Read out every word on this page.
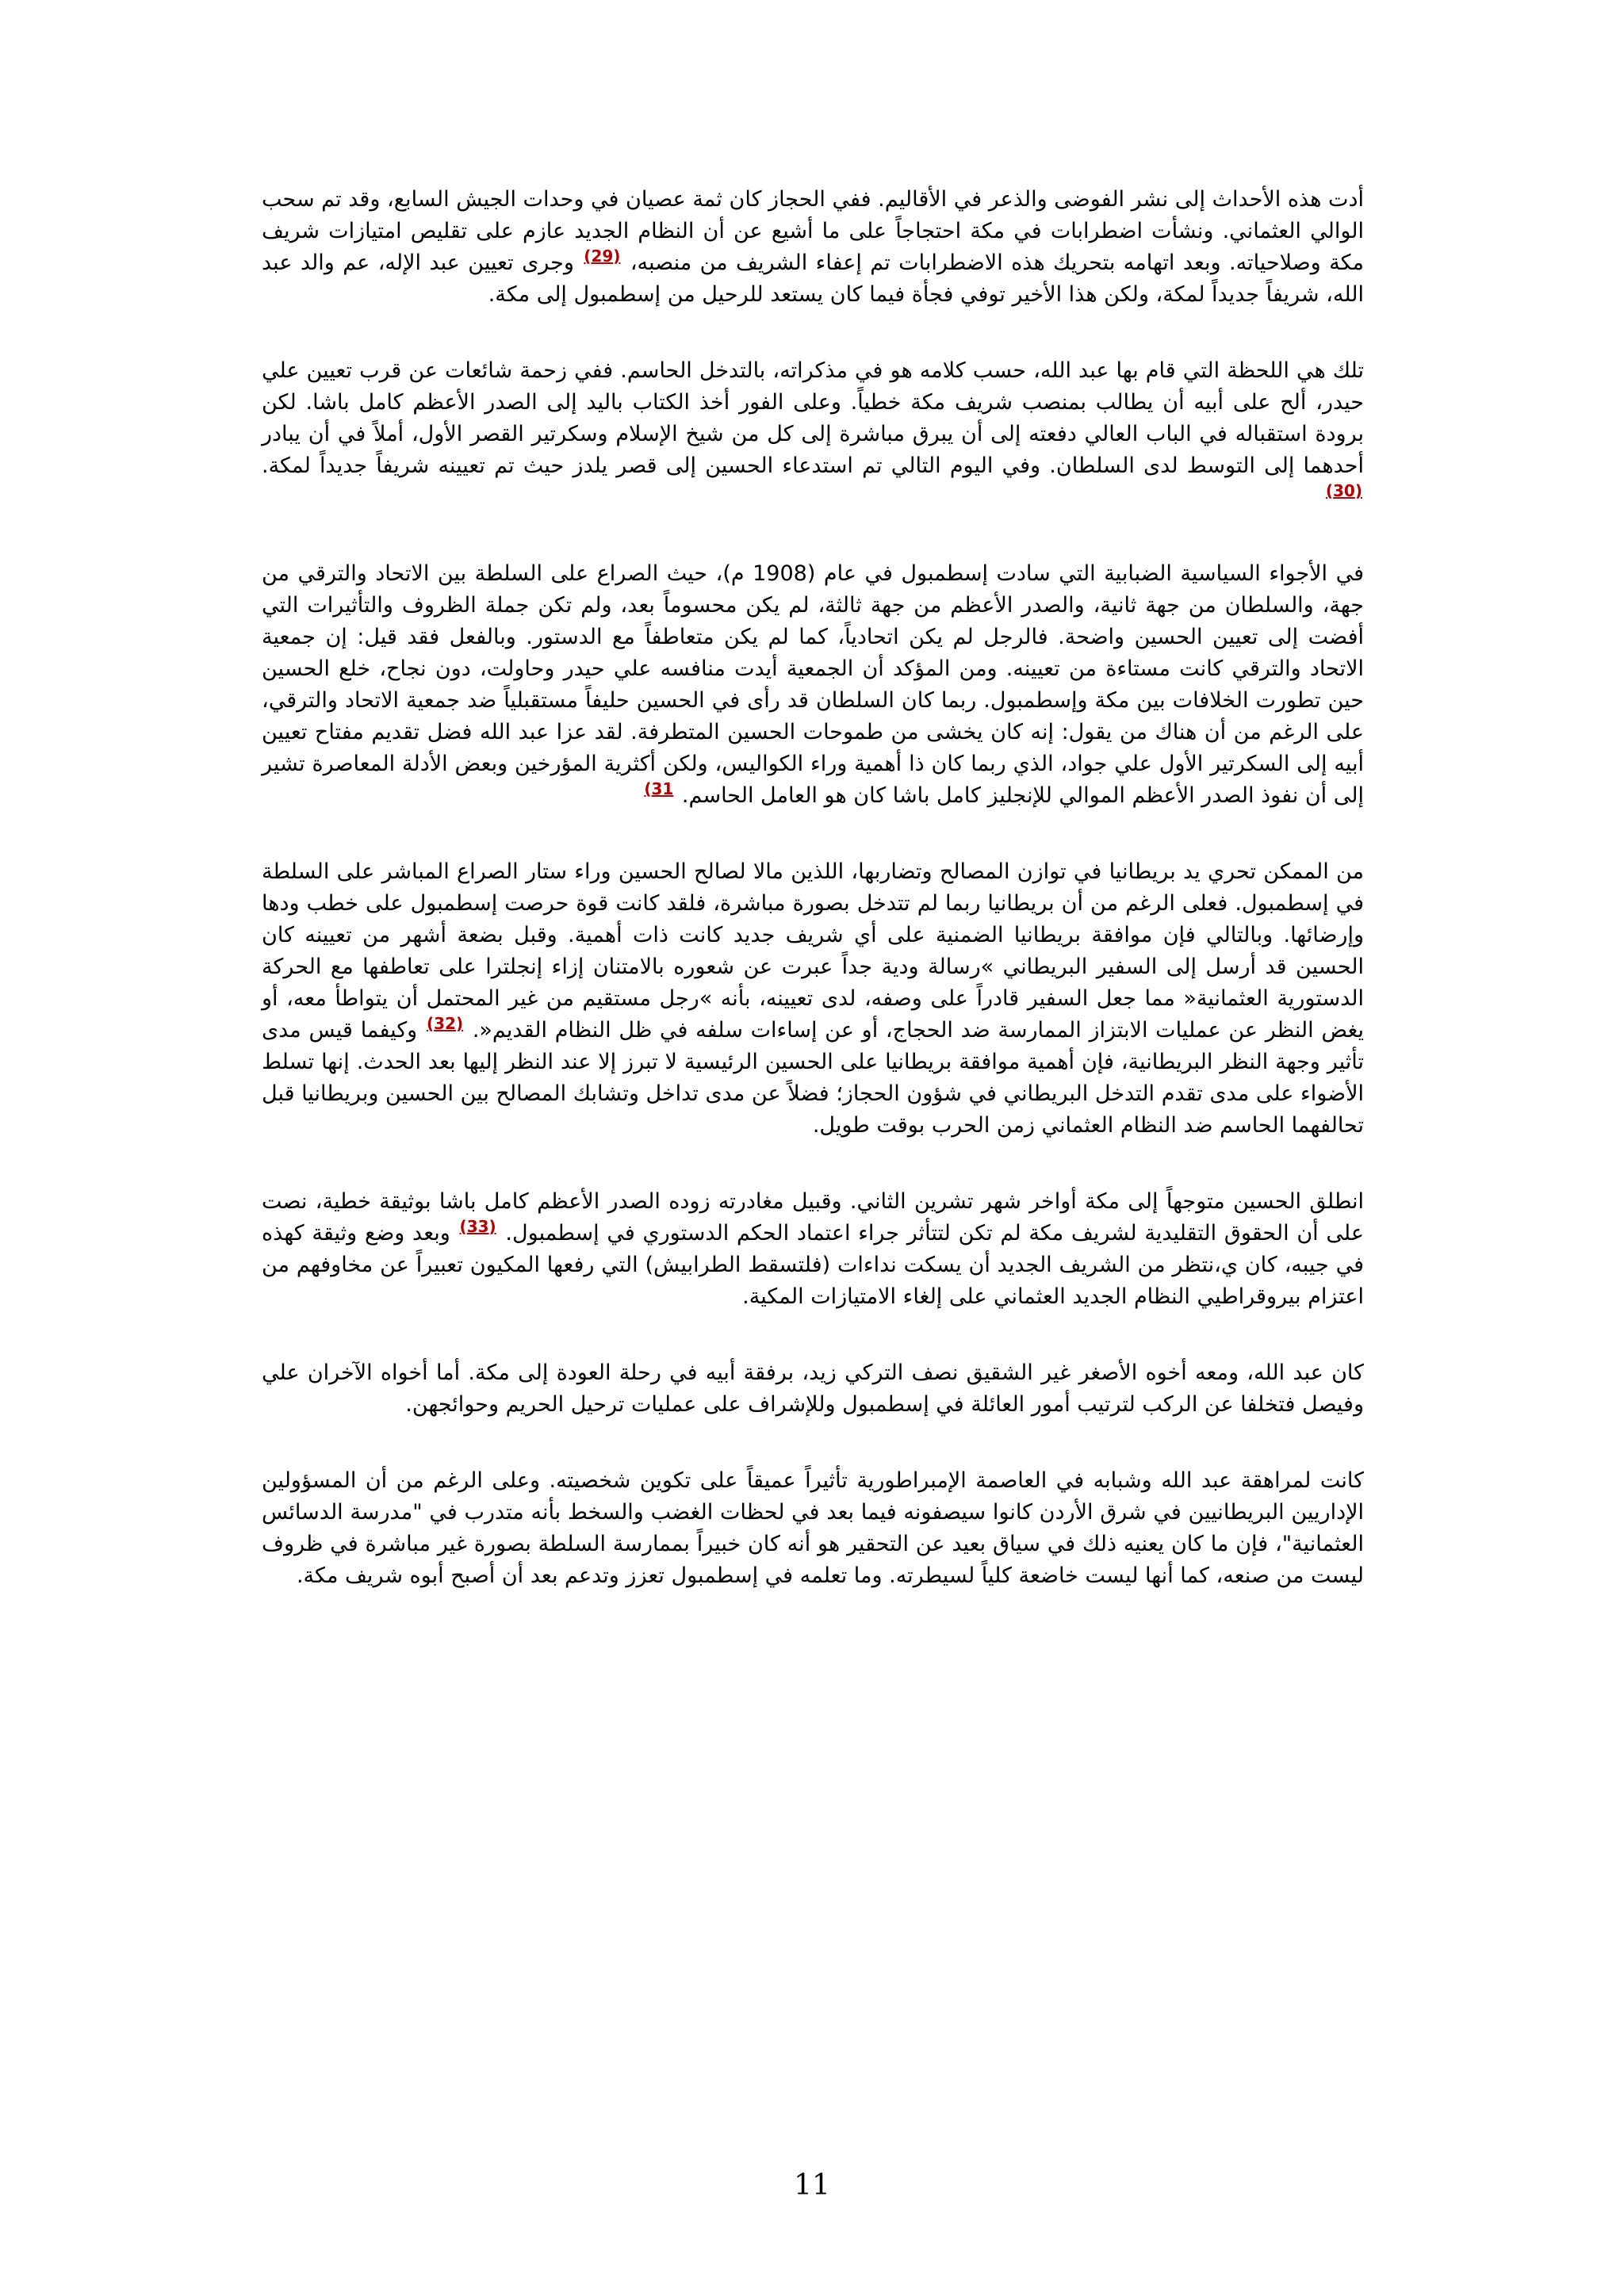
أدت هذه الأحداث إلى نشر الفوضى والذعر في الأقاليم. ففي الحجاز كان ثمة عصيان في وحدات الجيش السابع، وقد تم سحب الوالي العثماني. ونشأت اضطرابات في مكة احتجاجاً على ما أشيع عن أن النظام الجديد عازم على تقليص امتيازات شريف مكة وصلاحياته. وبعد اتهامه بتحريك هذه الاضطرابات تم إعفاء الشريف من منصبه، $^{(29)}$ وجرى تعيين عبد الإله، عم والد عبد الله، شريفاً جديداً لمكة، ولكن هذا الأخير توفي فجأة فيما كان يستعد للرحيل من إسطمبول إلى مكة.

تلك هي اللحظة التي قام بها عبد الله، حسب كلامه هو في مذكراته، بالتدخل الحاسم. ففي زحمة شائعات عن قرب تعيين علي حيدر، ألح على أبيه أن يطالب بمنصب شريف مكة خطياً. وعلى الفور أخذ الكتاب باليد إلى الصدر الأعظم كامل باشا. لكن برودة استقباله في الباب العالي دفعته إلى أن يبرق مباشرة إلى كل من شيخ الإسلام وسكرتير القصر الأول، أملاً في أن يبادر أحدهما إلى التوسط لدى السلطان. وفي اليوم التالي تم استدعاء الحسين إلى قصر يلدز حيث تم تعيينه شريفاً جديداً لمكة. $^{(30)}$

في الأجواء السياسية الضبابية التي سادت إسطمبول في عام (1908 م)، حيث الصراع على السلطة بين الاتحاد والترقي من جهة، والسلطان من جهة ثانية، والصدر الأعظم من جهة ثالثة، لم يكن محسوماً بعد، ولم تكن جملة الظروف والتأثيرات التي أفضت إلى تعيين الحسين واضحة. فالرجل لم يكن اتحادياً، كما لم يكن متعاطفاً مع الدستور. وبالفعل فقد قيل: إن جمعية الاتحاد والترقي كانت مستاءة من تعيينه. ومن المؤكد أن الجمعية أيدت منافسه علي حيدر وحاولت، دون نجاح، خلع الحسين حين تطورت الخلافات بين مكة وإسطمبول. ربما كان السلطان قد رأى في الحسين حليفاً مستقبلياً ضد جمعية الاتحاد والترقي، على الرغم من أن هناك من يقول: إنه كان يخشى من طموحات الحسين المتطرفة. لقد عزا عبد الله فضل تقديم مفتاح تعيين أبيه إلى السكرتير الأول علي جواد، الذي ربما كان ذا أهمية وراء الكواليس، ولكن أكثرية المؤرخين وبعض الأدلة المعاصرة تشير إلى أن نفوذ الصدر الأعظم الموالي للإنجليز كامل باشا كان هو العامل الحاسم. $^{31)}$

من الممكن تحري يد بريطانيا في توازن المصالح وتضاربها، اللذين مالا لصالح الحسين وراء ستار الصراع المباشر على السلطة في إسطمبول. فعلى الرغم من أن بريطانيا ربما لم تتدخل بصورة مباشرة، فلقد كانت قوة حرصت إسطمبول على خطب ودها وإرضائها. وبالتالي فإن موافقة بريطانيا الضمنية على أي شريف جديد كانت ذات أهمية. وقبل بضعة أشهر من تعيينه كان الحسين قد أرسل إلى السفير البريطاني »رسالة ودية جداً عبرت عن شعوره بالامتنان إزاء إنجلترا على تعاطفها مع الحركة الدستورية العثمانية« مما جعل السفير قادراً على وصفه، لدى تعيينه، بأنه »رجل مستقيم من غير المحتمل أن يتواطأ معه، أو يغض النظر عن عمليات الابتزاز الممارسة ضد الحجاج، أو عن إساءات سلفه في ظل النظام القديم«. $^{(32)}$ وكيفما قيس مدى تأثير وجهة النظر البريطانية، فإن أهمية موافقة بريطانيا على الحسين الرئيسية لا تبرز إلا عند النظر إليها بعد الحدث. إنها تسلط الأضواء على مدى تقدم التدخل البريطاني في شؤون الحجاز؛ فضلاً عن مدى تداخل وتشابك المصالح بين الحسين وبريطانيا قبل تحالفهما الحاسم ضد النظام العثماني زمن الحرب بوقت طويل.

انطلق الحسين متوجهاً إلى مكة أواخر شهر تشرين الثاني. وقبيل مغادرته زوده الصدر الأعظم كامل باشا بوثيقة خطية، نصت على أن الحقوق التقليدية لشريف مكة لم تكن لتتأثر جراء اعتماد الحكم الدستوري في إسطمبول. $^{(33)}$ وبعد وضع وثيقة كهذه في جيبه، كان ي،نتظر من الشريف الجديد أن يسكت نداءات (فلتسقط الطرابيش) التي رفعها المكيون تعبيراً عن مخاوفهم من اعتزام بيروقراطيي النظام الجديد العثماني على إلغاء الامتيازات المكية.

كان عبد الله، ومعه أخوه الأصغر غير الشقيق نصف التركي زيد، برفقة أبيه في رحلة العودة إلى مكة. أما أخواه الآخران علي وفيصل فتخلفا عن الركب لترتيب أمور العائلة في إسطمبول وللإشراف على عمليات ترحيل الحريم وحوائجهن.

كانت لمراهقة عبد الله وشبابه في العاصمة الإمبراطورية تأثيراً عميقاً على تكوين شخصيته. وعلى الرغم من أن المسؤولين الإداريين البريطانيين في شرق الأردن كانوا سيصفونه فيما بعد في لحظات الغضب والسخط بأنه متدرب في "مدرسة الدسائس العثمانية"، فإن ما كان يعنيه ذلك في سياق بعيد عن التحقير هو أنه كان خبيراً بممارسة السلطة بصورة غير مباشرة في ظروف ليست من صنعه، كما أنها ليست خاضعة كلياً لسيطرته. وما تعلمه في إسطمبول تعزز وتدعم بعد أن أصبح أبوه شريف مكة.

11
